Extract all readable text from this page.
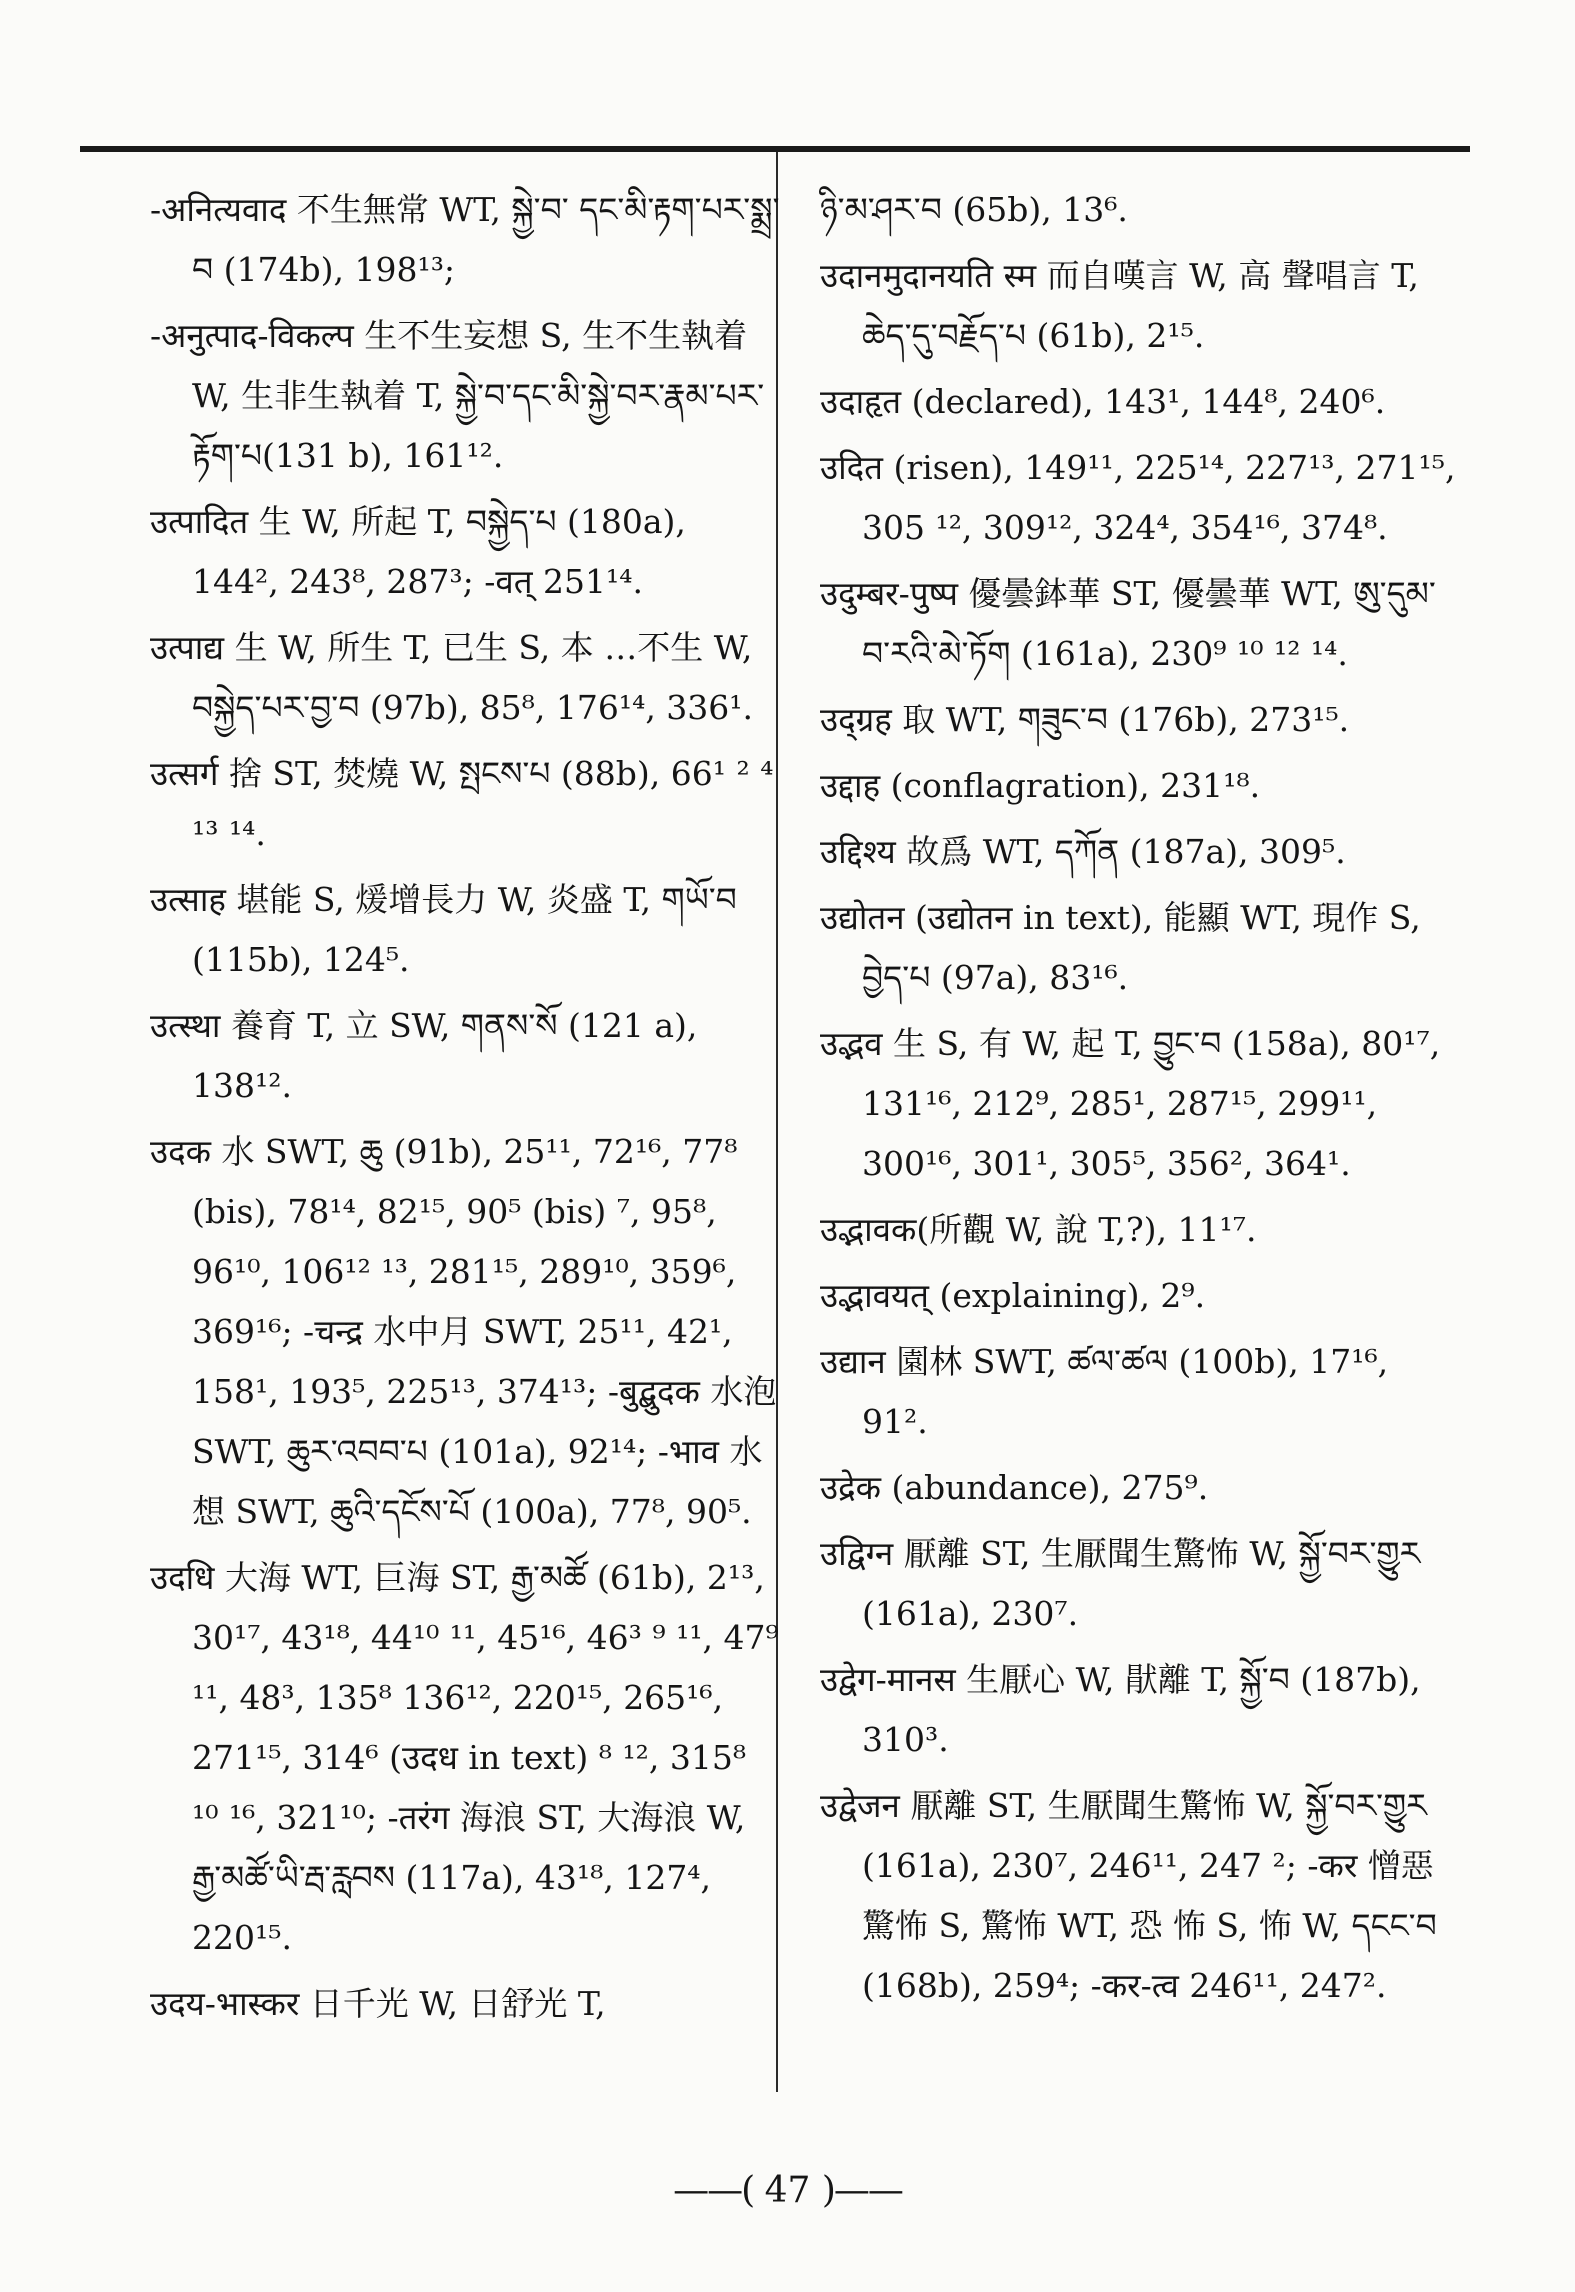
-अनित्यवाद 不生無常 WT, སྐྱེ་བ་ དང་མི་རྟག་པར་སྨྲ་བ (174b), 198¹³;

-अनुत्पाद-विकल्प 生不生妄想 S, 生不生執着 W, 生非生執着 T, སྐྱེ་བ་དང་མི་སྐྱེ་བར་རྣམ་པར་རྟོག་པ(131 b), 161¹².

उत्पादित 生 W, 所起 T, བསྐྱེད་པ (180a), 144², 243⁸, 287³; -वत् 251¹⁴.

उत्पाद्य 生 W, 所生 T, 已生 S, 本 …不生 W, བསྐྱེད་པར་བྱ་བ (97b), 85⁸, 176¹⁴, 336¹.

उत्सर्ग 捨 ST, 焚燒 W, སྤངས་པ (88b), 66¹ ² ⁴ ¹³ ¹⁴.

उत्साह 堪能 S, 煖增長力 W, 炎盛 T, གཡོ་བ (115b), 124⁵.

उत्स्था 養育 T, 立 SW, གནས་སོ (121 a), 138¹².

उदक 水 SWT, ཆུ (91b), 25¹¹, 72¹⁶, 77⁸ (bis), 78¹⁴, 82¹⁵, 90⁵ (bis) ⁷, 95⁸, 96¹⁰, 106¹² ¹³, 281¹⁵, 289¹⁰, 359⁶, 369¹⁶; -चन्द्र 水中月 SWT, 25¹¹, 42¹, 158¹, 193⁵, 225¹³, 374¹³; -बुद्बुदक 水泡 SWT, ཆུར་འབབ་པ (101a), 92¹⁴; -भाव 水 想 SWT, ཆུའི་དངོས་པོ (100a), 77⁸, 90⁵.

उदधि 大海 WT, 巨海 ST, རྒྱ་མཚོ (61b), 2¹³, 30¹⁷, 43¹⁸, 44¹⁰ ¹¹, 45¹⁶, 46³ ⁹ ¹¹, 47⁹ ¹¹, 48³, 135⁸ 136¹², 220¹⁵, 265¹⁶, 271¹⁵, 314⁶ (उदध in text) ⁸ ¹², 315⁸ ¹⁰ ¹⁶, 321¹⁰; -तरंग 海浪 ST, 大海浪 W, རྒྱ་མཚོ་ཡི་རྦ་རླབས (117a), 43¹⁸, 127⁴, 220¹⁵.

उदय-भास्कर 日千光 W, 日舒光 T,

ཉི་མ་ཤར་བ (65b), 13⁶.

उदानमुदानयति स्म 而自嘆言 W, 高 聲唱言 T, ཆེད་དུ་བརྗོད་པ (61b), 2¹⁵.

उदाहृत (declared), 143¹, 144⁸, 240⁶.

उदित (risen), 149¹¹, 225¹⁴, 227¹³, 271¹⁵, 305 ¹², 309¹², 324⁴, 354¹⁶, 374⁸.

उदुम्बर-पुष्प 優曇鉢華 ST, 優曇華 WT, ཨུ་དུམ་བ་རའི་མེ་ཏོག (161a), 230⁹ ¹⁰ ¹² ¹⁴.

उद्ग्रह 取 WT, གཟུང་བ (176b), 273¹⁵.

उद्दाह (conflagration), 231¹⁸.

उद्दिश्य 故爲 WT, དཀོན (187a), 309⁵.

उद्योतन (उद्योतन in text), 能顯 WT, 現作 S, བྱེད་པ (97a), 83¹⁶.

उद्भव 生 S, 有 W, 起 T, བྱུང་བ (158a), 80¹⁷, 131¹⁶, 212⁹, 285¹, 287¹⁵, 299¹¹, 300¹⁶, 301¹, 305⁵, 356², 364¹.

उद्भावक(所觀 W, 說 T,?), 11¹⁷.

उद्भावयत् (explaining), 2⁹.

उद्यान 園林 SWT, ཚལ་ཚལ (100b), 17¹⁶, 91².

उद्रेक (abundance), 275⁹.

उद्विग्न 厭離 ST, 生厭聞生驚怖 W, སྐྱོ་བར་གྱུར (161a), 230⁷.

उद्वेग-मानस 生厭心 W, 猒離 T, སྐྱོ་བ (187b), 310³.

उद्वेजन 厭離 ST, 生厭聞生驚怖 W, སྐྱོ་བར་གྱུར (161a), 230⁷, 246¹¹, 247 ²; -कर 憎惡驚怖 S, 驚怖 WT, 恐 怖 S, 怖 W, དངང་བ (168b), 259⁴; -कर-त्व 246¹¹, 247².

——( 47 )——
